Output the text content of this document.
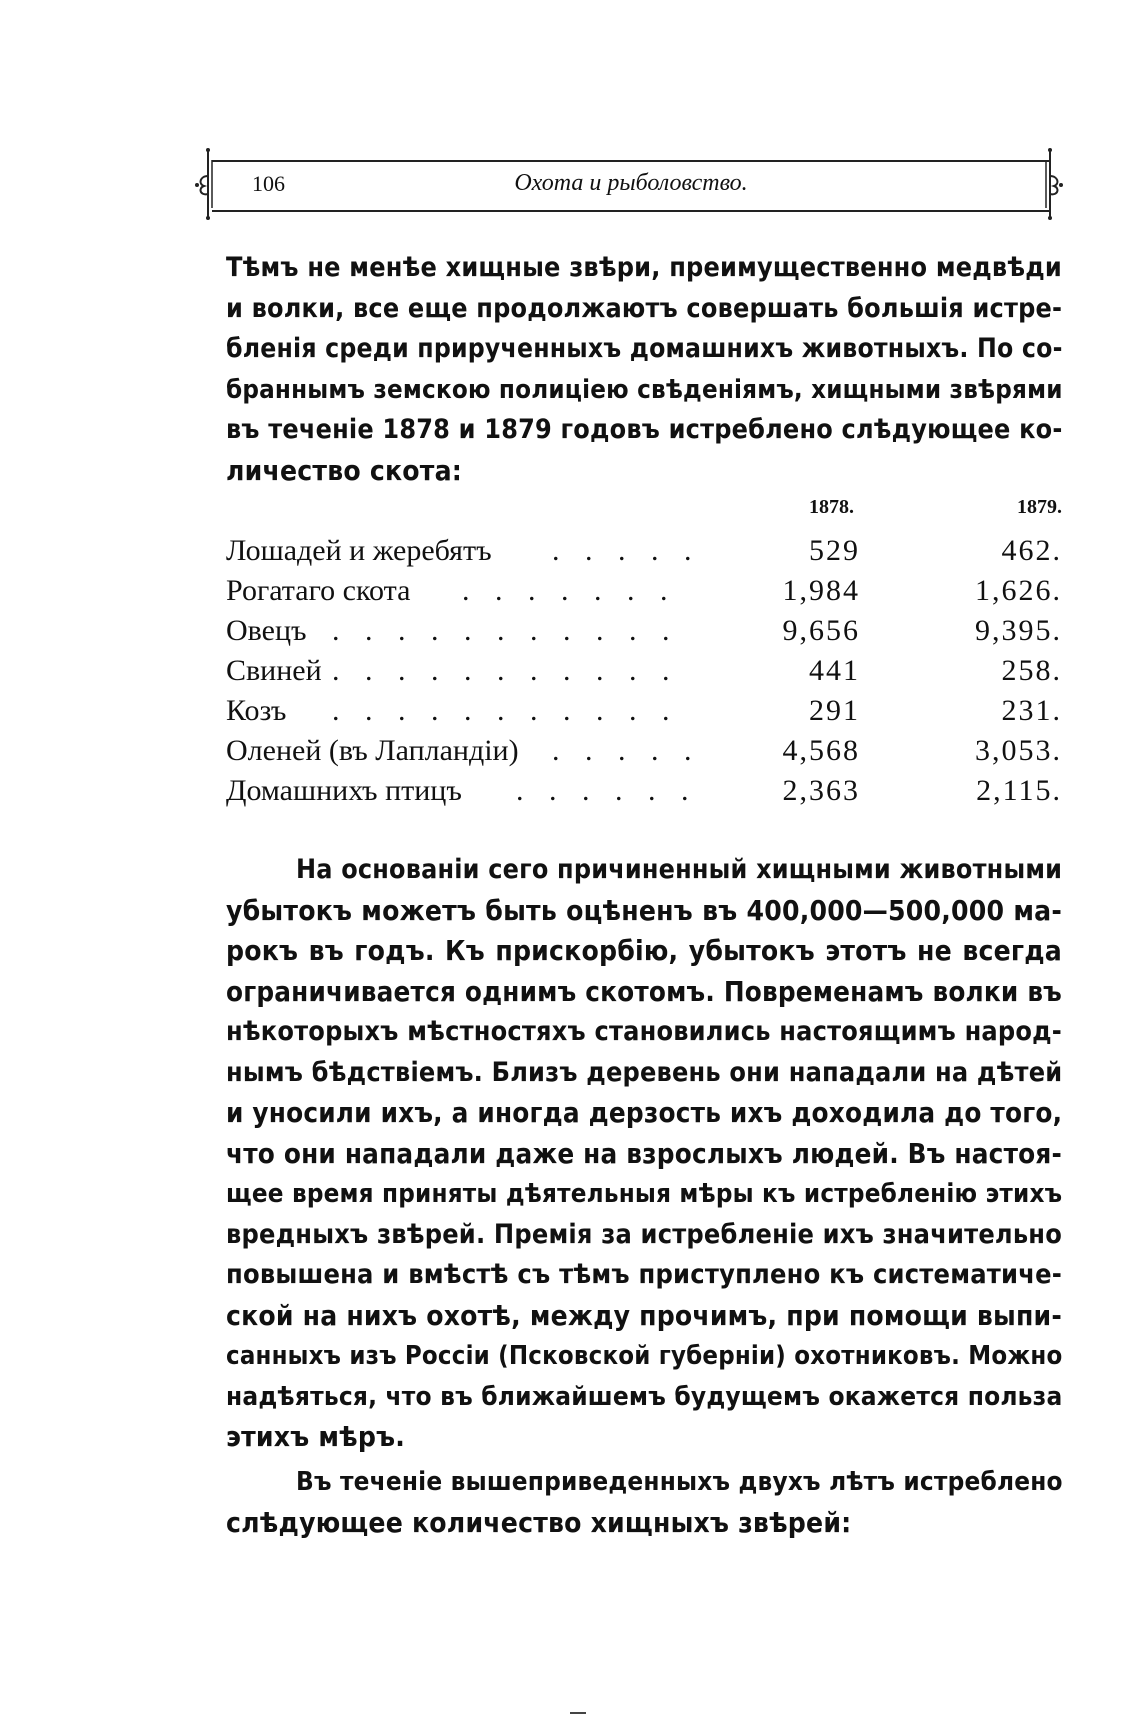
106	Охота и рыболовство.
Тѣмъ не менѣе хищные звѣри, преимущественно медвѣди
и волки, все еще продолжаютъ совершать большія истре-
бленія среди прирученныхъ домашнихъ животныхъ. По со-
браннымъ земскою полиціею свѣденіямъ, хищными звѣрями
въ теченіе 1878 и 1879 годовъ истреблено слѣдующее ко-
личество скота:
1878.	1879.
Лошадей и жеребятъ . . . . .	529	462.
Рогатаго скота . . . . . . .	1,984	1,626.
Овецъ . . . . . . . . . . .	9,656	9,395.
Свиней . . . . . . . . . . .	441	258.
Козъ . . . . . . . . . . .	291	231.
Оленей (въ Лапландіи) . . . . .	4,568	3,053.
Домашнихъ птицъ . . . . . .	2,363	2,115.
На основаніи сего причиненный хищными животными
убытокъ можетъ быть оцѣненъ въ 400,000—500,000 ма-
рокъ въ годъ. Къ прискорбію, убытокъ этотъ не всегда
ограничивается однимъ скотомъ. Повременамъ волки въ
нѣкоторыхъ мѣстностяхъ становились настоящимъ народ-
нымъ бѣдствіемъ. Близъ деревень они нападали на дѣтей
и уносили ихъ, а иногда дерзость ихъ доходила до того,
что они нападали даже на взрослыхъ людей. Въ настоя-
щее время приняты дѣятельныя мѣры къ истребленію этихъ
вредныхъ звѣрей. Премія за истребленіе ихъ значительно
повышена и вмѣстѣ съ тѣмъ приступлено къ систематиче-
ской на нихъ охотѣ, между прочимъ, при помощи выпи-
санныхъ изъ Россіи (Псковской губерніи) охотниковъ. Можно
надѣяться, что въ ближайшемъ будущемъ окажется польза
этихъ мѣръ.
Въ теченіе вышеприведенныхъ двухъ лѣтъ истреблено
слѣдующее количество хищныхъ звѣрей:
